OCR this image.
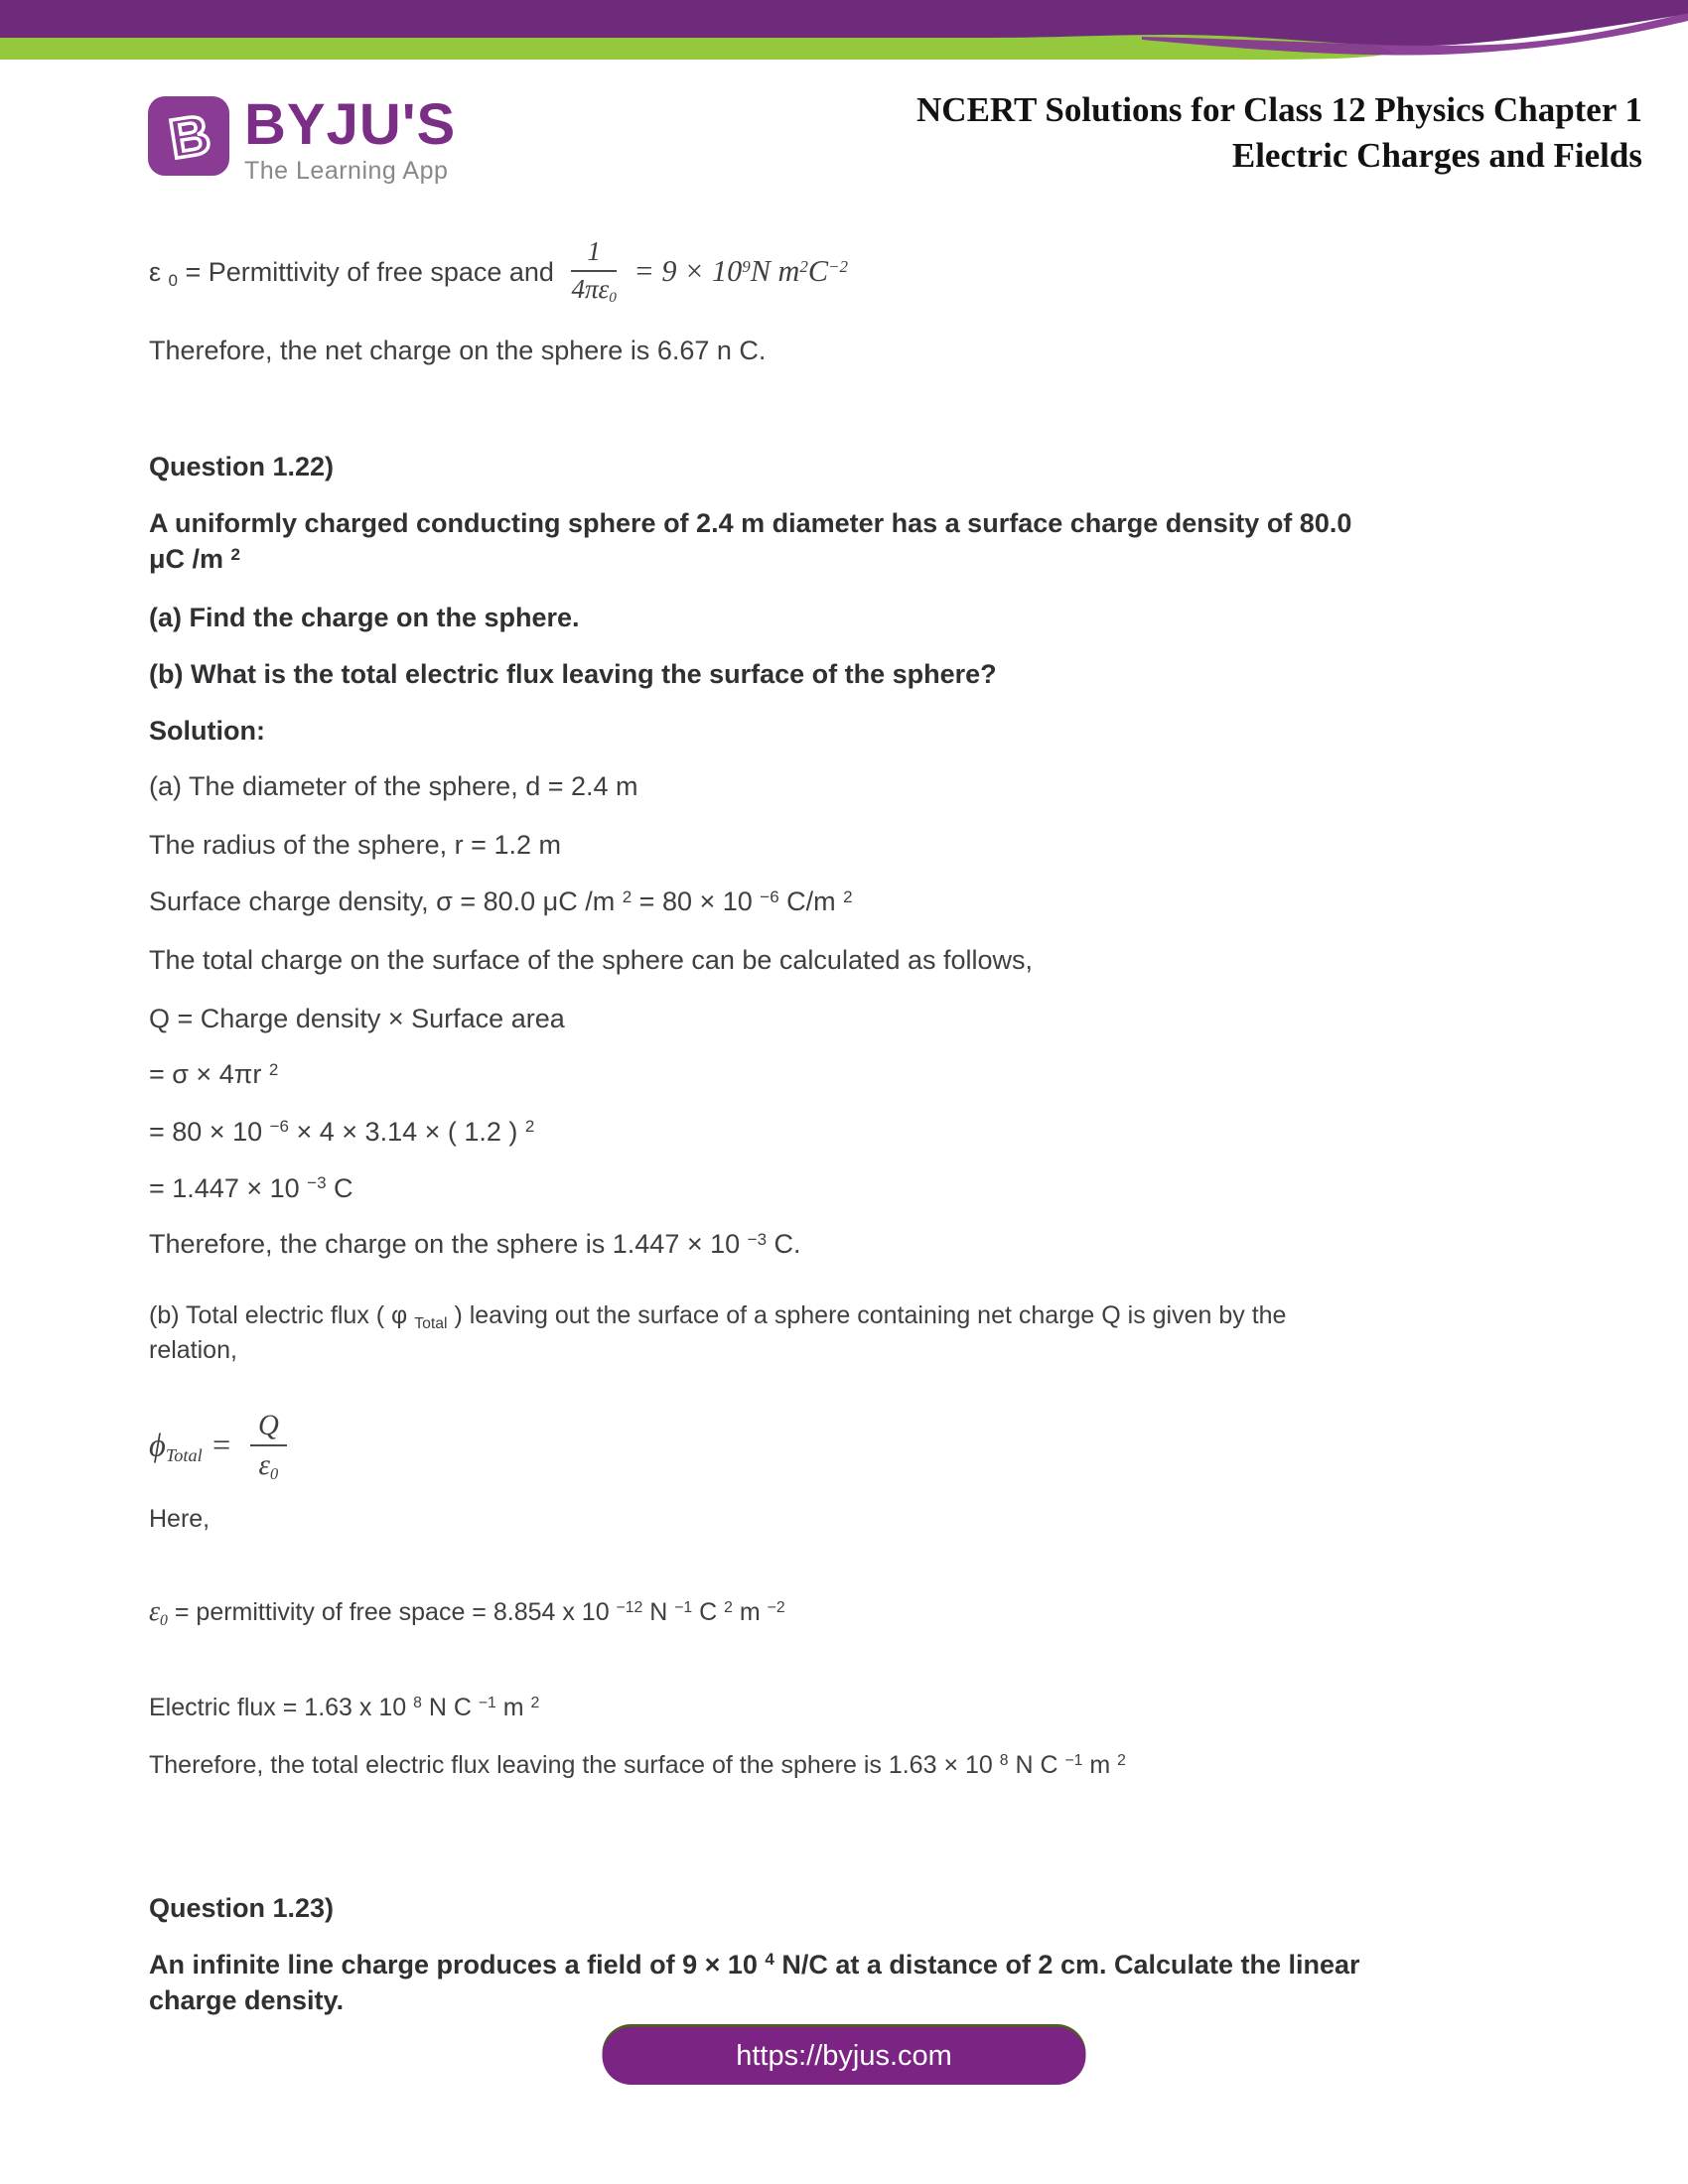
B BYJU'S
The Learning App
NCERT Solutions for Class 12 Physics Chapter 1
Electric Charges and Fields

ε $_0$ = Permittivity of free space and $\frac{1}{4\pi\varepsilon_0} = 9 \times 10^9N$ $m^2C^{-2}$

Therefore, the net charge on the sphere is 6.67 n C.

Question 1.22)

A uniformly charged conducting sphere of 2.4 m diameter has a surface charge density of 80.0
μC /m $^2$

(a) Find the charge on the sphere.

(b) What is the total electric flux leaving the surface of the sphere?

Solution:

(a) The diameter of the sphere, d = 2.4 m

The radius of the sphere, r = 1.2 m

Surface charge density, σ = 80.0 μC /m $^2$ = 80 × 10 $^{-6}$ C/m $^2$

The total charge on the surface of the sphere can be calculated as follows,

Q = Charge density × Surface area

= σ × 4πr $^2$

= 80 × 10 $^{-6}$ × 4 × 3.14 × ( 1.2 ) $^2$

= 1.447 × 10 $^{-3}$ C

Therefore, the charge on the sphere is 1.447 × 10 $^{-3}$ C.

(b) Total electric flux ( φ $_{Total}$ ) leaving out the surface of a sphere containing net charge Q is given by the
relation,

$\phi_{Total} = \frac{Q}{\varepsilon_0}$

Here,

$\varepsilon_0$ = permittivity of free space = 8.854 x 10 $^{-12}$ N $^{-1}$ C $^2$ m $^{-2}$

Electric flux = 1.63 x 10 $^8$ N C $^{-1}$ m $^2$

Therefore, the total electric flux leaving the surface of the sphere is 1.63 × 10 $^8$ N C $^{-1}$ m $^2$

Question 1.23)

An infinite line charge produces a field of 9 × 10 $^4$ N/C at a distance of 2 cm. Calculate the linear
charge density.

https://byjus.com
